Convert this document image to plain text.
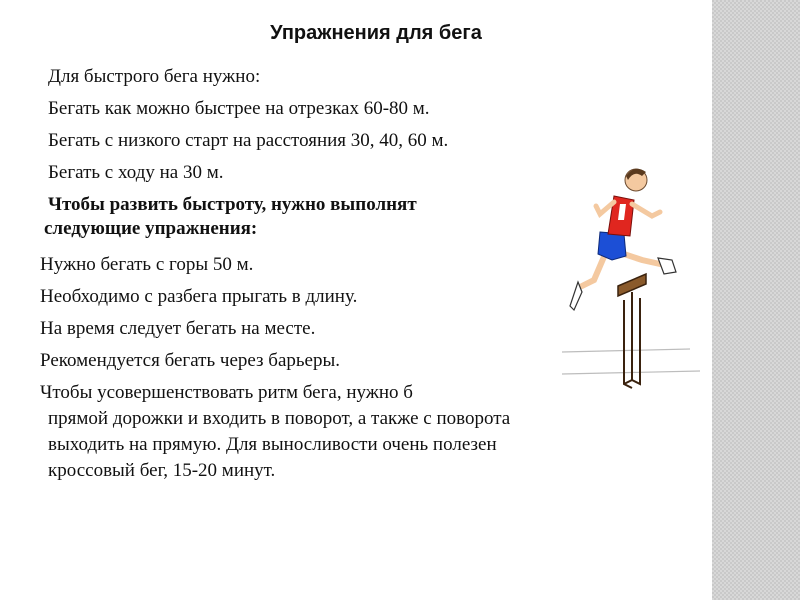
Упражнения для бега
Для быстрого бега нужно:
Бегать как можно быстрее на отрезках 60-80 м.
Бегать с низкого старт на расстояния 30, 40, 60 м.
Бегать с ходу на 30 м.
Чтобы развить быстроту, нужно выполнят
следующие упражнения:
Нужно бегать с горы 50 м.
Необходимо с разбега прыгать в длину.
На время следует бегать на месте.
Рекомендуется бегать через барьеры.
Чтобы усовершенствовать ритм бега, нужно б
прямой дорожки и входить в поворот, а также с поворота
выходить на прямую. Для выносливости очень полезен
кроссовый бег, 15-20 минут.
